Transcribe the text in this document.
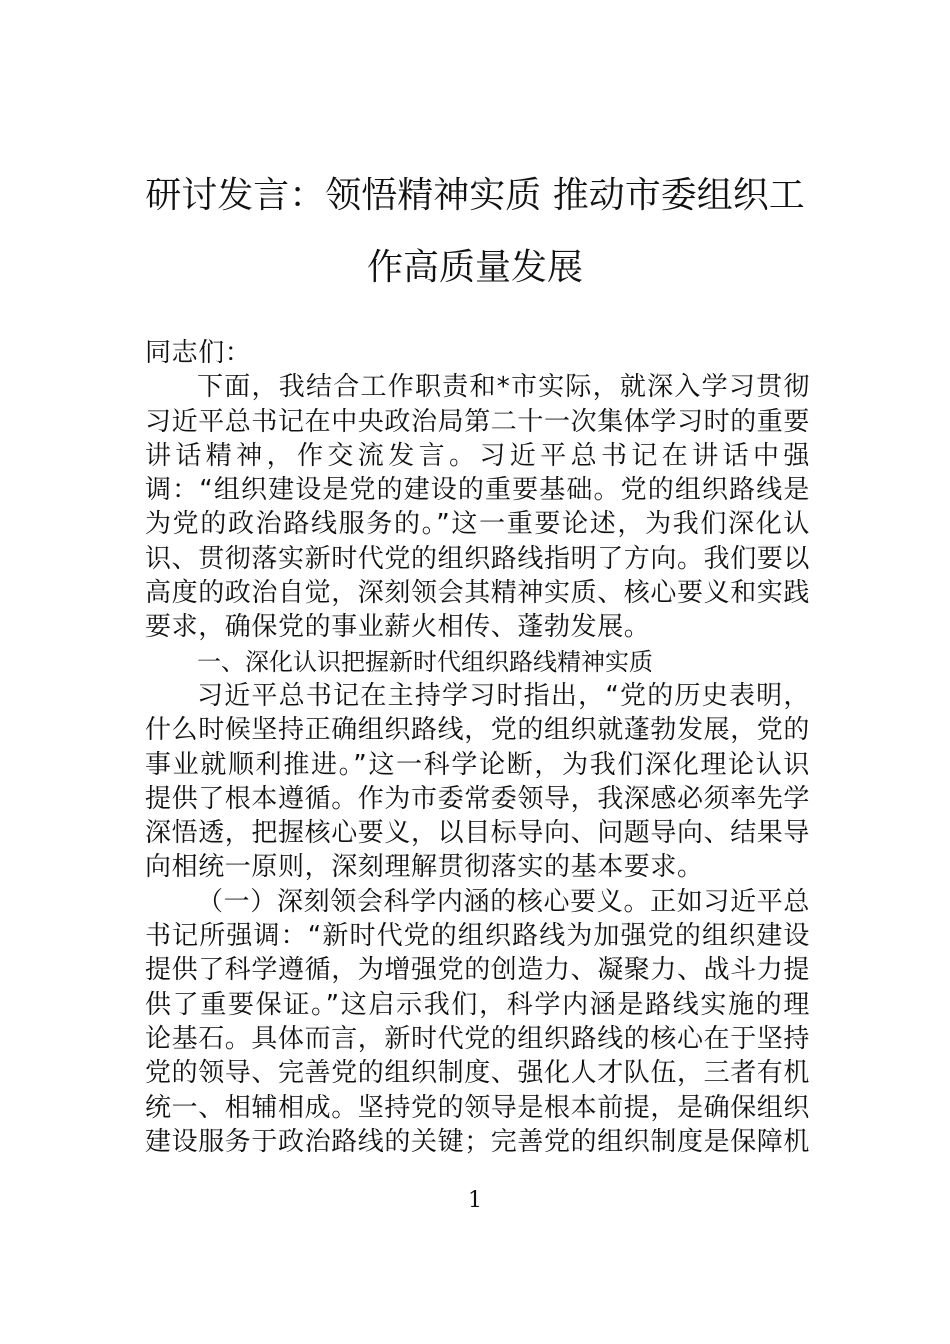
研讨发言：领悟精神实质 推动市委组织工
作高质量发展

同志们：

下面，我结合工作职责和*市实际，就深入学习贯彻习近平总书记在中央政治局第二十一次集体学习时的重要讲话精神，作交流发言。习近平总书记在讲话中强调：“组织建设是党的建设的重要基础。党的组织路线是为党的政治路线服务的。”这一重要论述，为我们深化认识、贯彻落实新时代党的组织路线指明了方向。我们要以高度的政治自觉，深刻领会其精神实质、核心要义和实践要求，确保党的事业薪火相传、蓬勃发展。

一、深化认识把握新时代组织路线精神实质

习近平总书记在主持学习时指出，“党的历史表明，什么时候坚持正确组织路线，党的组织就蓬勃发展，党的事业就顺利推进。”这一科学论断，为我们深化理论认识提供了根本遵循。作为市委常委领导，我深感必须率先学深悟透，把握核心要义，以目标导向、问题导向、结果导向相统一原则，深刻理解贯彻落实的基本要求。

（一）深刻领会科学内涵的核心要义。正如习近平总书记所强调：“新时代党的组织路线为加强党的组织建设提供了科学遵循，为增强党的创造力、凝聚力、战斗力提供了重要保证。”这启示我们，科学内涵是路线实施的理论基石。具体而言，新时代党的组织路线的核心在于坚持党的领导、完善党的组织制度、强化人才队伍，三者有机统一、相辅相成。坚持党的领导是根本前提，是确保组织建设服务于政治路线的关键；完善党的组织制度是保障机

1
